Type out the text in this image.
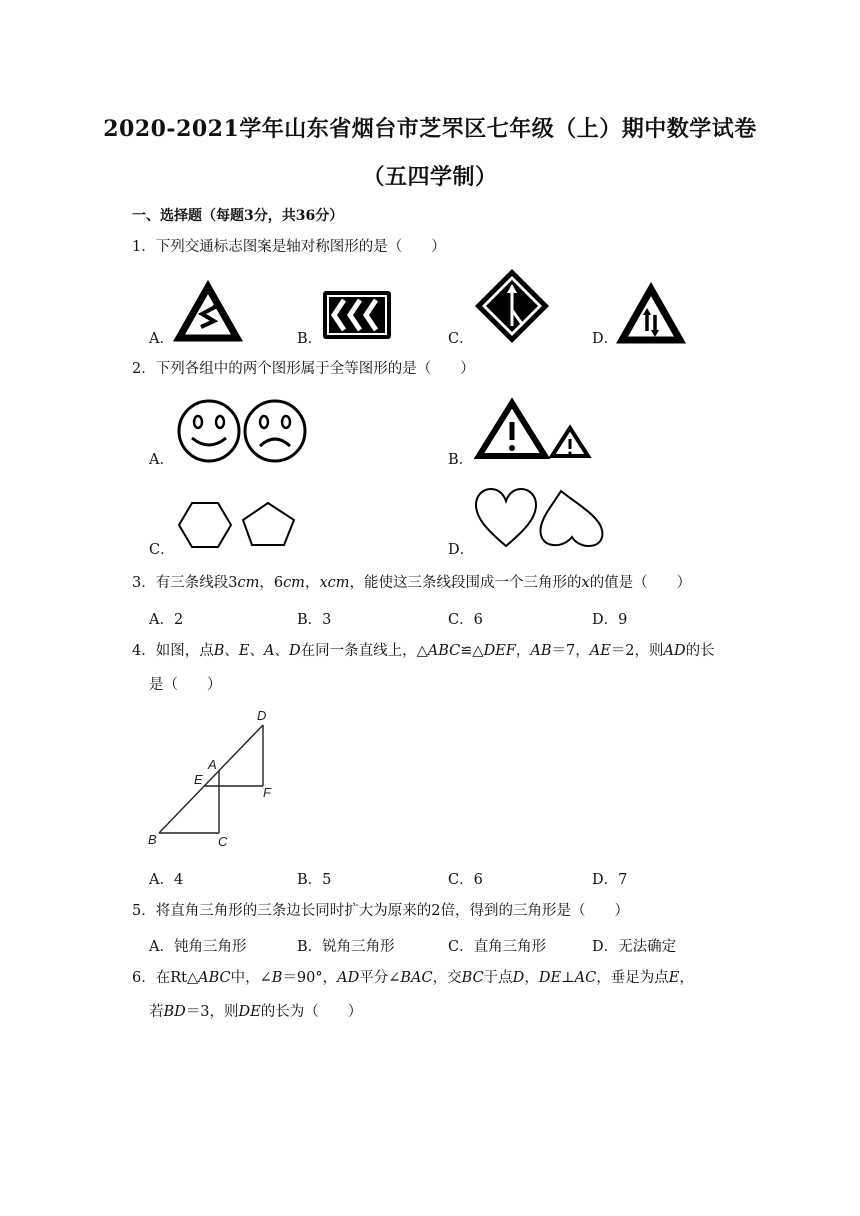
2020-2021学年山东省烟台市芝罘区七年级（上）期中数学试卷
（五四学制）
一、选择题（每题3分，共36分）
1．下列交通标志图案是轴对称图形的是（　　）
A．	B．	C．	D．
2．下列各组中的两个图形属于全等图形的是（　　）
A．	B．
C．	D．
3．有三条线段3cm，6cm，xcm，能使这三条线段围成一个三角形的x的值是（　　）
A．2	B．3	C．6	D．9
4．如图，点B、E、A、D在同一条直线上，△ABC≌△DEF，AB＝7，AE＝2，则AD的长
是（　　）
D
A
E
F
B	C
A．4	B．5	C．6	D．7
5．将直角三角形的三条边长同时扩大为原来的2倍，得到的三角形是（　　）
A．钝角三角形	B．锐角三角形	C．直角三角形	D．无法确定
6．在Rt△ABC中，∠B＝90°，AD平分∠BAC，交BC于点D，DE⊥AC，垂足为点E，
若BD＝3，则DE的长为（　　）
